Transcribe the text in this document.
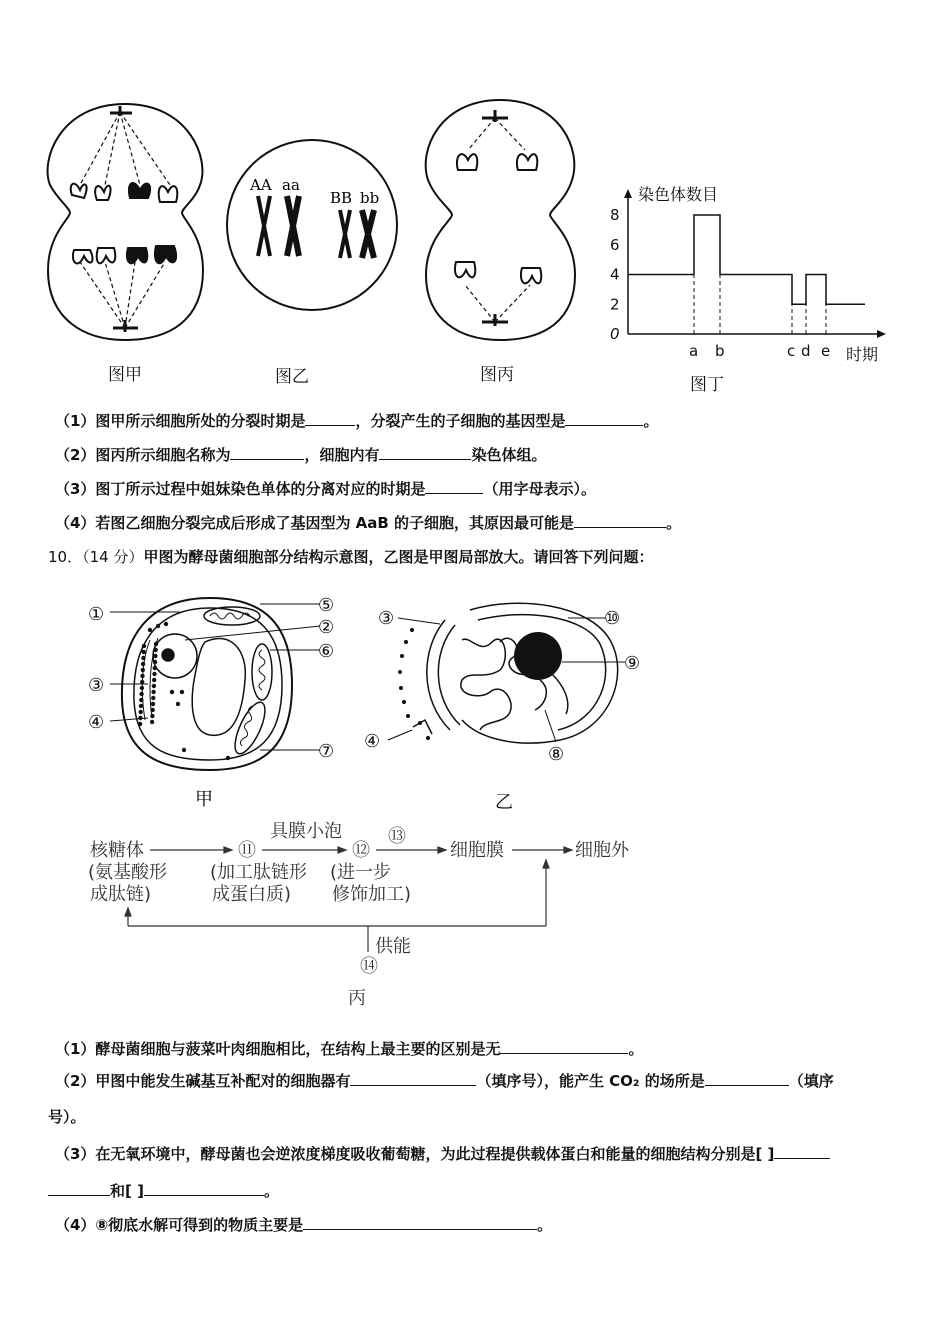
AA aa
BB bb	染色体数目
时期
0
2
4
6
8
a b	c d e
图甲	图乙	图丙	图丁
（1）图甲所示细胞所处的分裂时期是	，分裂产生的子细胞的基因型是	。
（2）图丙所示细胞名称为	，细胞内有	染色体组。
（3）图丁所示过程中姐妹染色单体的分离对应的时期是	（用字母表示）。
（4）若图乙细胞分裂完成后形成了基因型为 AaB 的子细胞，其原因最可能是	。
10．（14 分）甲图为酵母菌细胞部分结构示意图，乙图是甲图局部放大。请回答下列问题：
①	⑤
②
⑥
③
④
⑦
甲
③	⑩
⑨
④
⑧
乙
核糖体
(氨基酸形
成肽链)
⑪
(加工肽链形
成蛋白质)
具膜小泡
⑫
(进一步
修饰加工)
⑬
细胞膜	细胞外
供能
⑭
丙
（1）酵母菌细胞与菠菜叶肉细胞相比，在结构上最主要的区别是无	。
（2）甲图中能发生碱基互补配对的细胞器有	（填序号），能产生 CO₂ 的场所是	（填序
号）。
（3）在无氧环境中，酵母菌也会逆浓度梯度吸收葡萄糖，为此过程提供载体蛋白和能量的细胞结构分别是[ ]
和[ ]	。
（4）⑧彻底水解可得到的物质主要是	。
